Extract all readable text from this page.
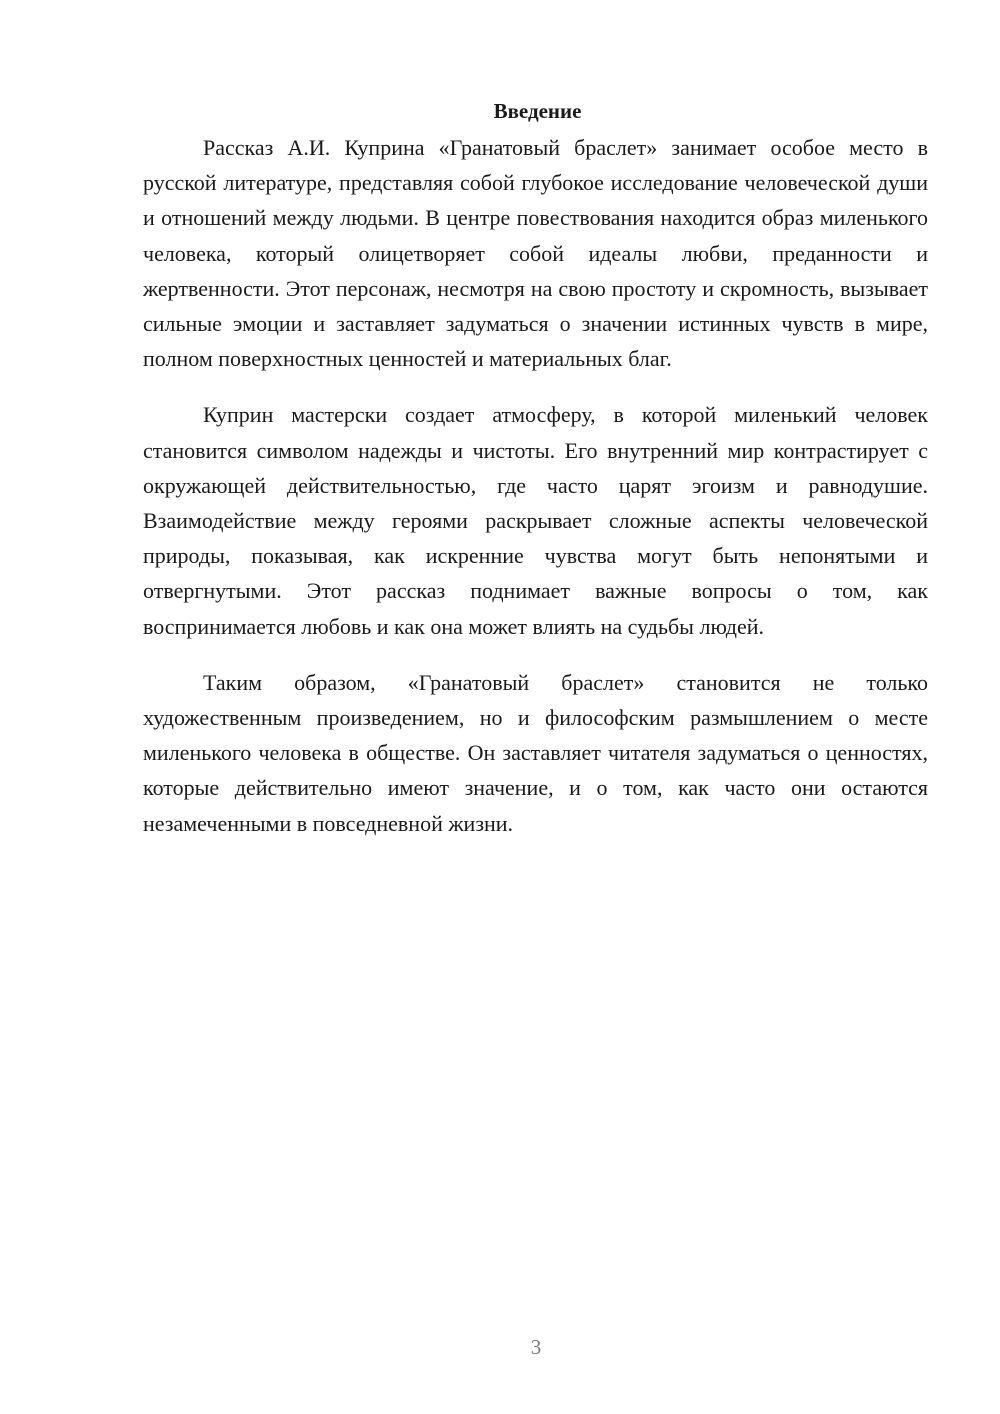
Введение

Рассказ А.И. Куприна «Гранатовый браслет» занимает особое место в русской литературе, представляя собой глубокое исследование человеческой души и отношений между людьми. В центре повествования находится образ миленького человека, который олицетворяет собой идеалы любви, преданности и жертвенности. Этот персонаж, несмотря на свою простоту и скромность, вызывает сильные эмоции и заставляет задуматься о значении истинных чувств в мире, полном поверхностных ценностей и материальных благ.

Куприн мастерски создает атмосферу, в которой миленький человек становится символом надежды и чистоты. Его внутренний мир контрастирует с окружающей действительностью, где часто царят эгоизм и равнодушие. Взаимодействие между героями раскрывает сложные аспекты человеческой природы, показывая, как искренние чувства могут быть непонятыми и отвергнутыми. Этот рассказ поднимает важные вопросы о том, как воспринимается любовь и как она может влиять на судьбы людей.

Таким образом, «Гранатовый браслет» становится не только художественным произведением, но и философским размышлением о месте миленького человека в обществе. Он заставляет читателя задуматься о ценностях, которые действительно имеют значение, и о том, как часто они остаются незамеченными в повседневной жизни.

3
